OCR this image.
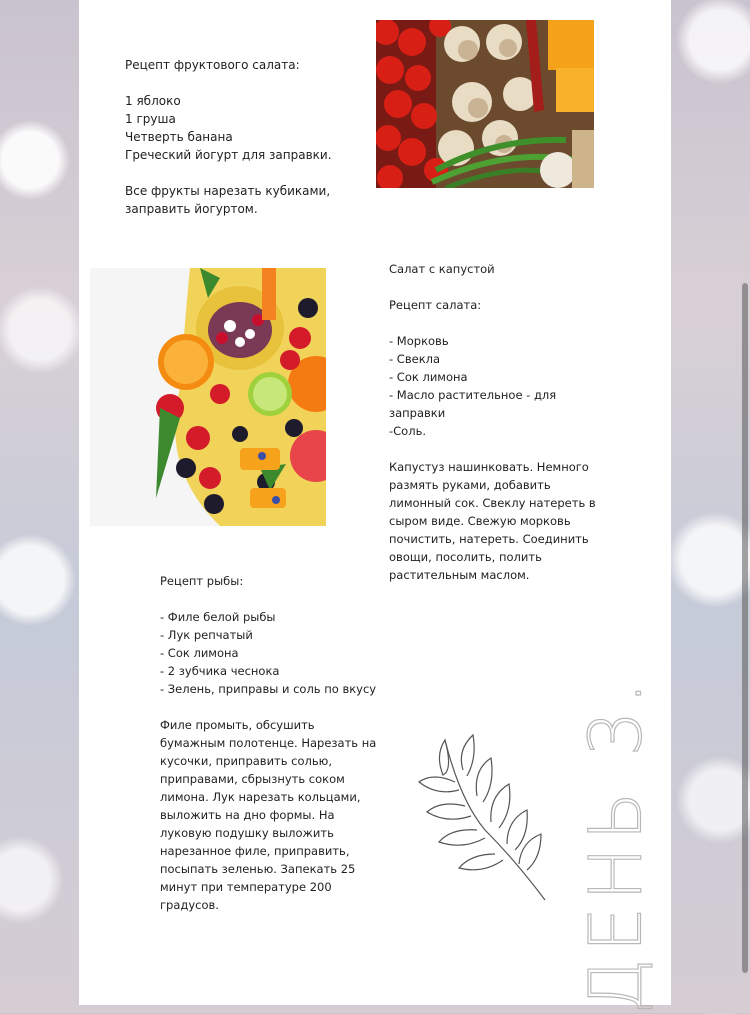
Рецепт фруктового салата:

1 яблоко
1 груша
Четверть банана
Греческий йогурт для заправки.

Все фрукты нарезать кубиками,
заправить йогуртом.

Салат с капустой

Рецепт салата:

- Морковь
- Свекла
- Сок лимона
- Масло растительное - для
заправки
-Соль.

Капустуз нашинковать. Немного
размять руками, добавить
лимонный сок. Свеклу натереть в
сыром виде. Свежую морковь
почистить, натереть. Соединить
овощи, посолить, полить
растительным маслом.

Рецепт рыбы:

- Филе белой рыбы
- Лук репчатый
- Сок лимона
- 2 зубчика чеснока
- Зелень, приправы и соль по вкусу

Филе промыть, обсушить
бумажным полотенце. Нарезать на
кусочки, приправить солью,
приправами, сбрызнуть соком
лимона. Лук нарезать кольцами,
выложить на дно формы. На
луковую подушку выложить
нарезанное филе, приправить,
посыпать зеленью. Запекать 25
минут при температуре 200
градусов.	ДЕНЬ 3.
